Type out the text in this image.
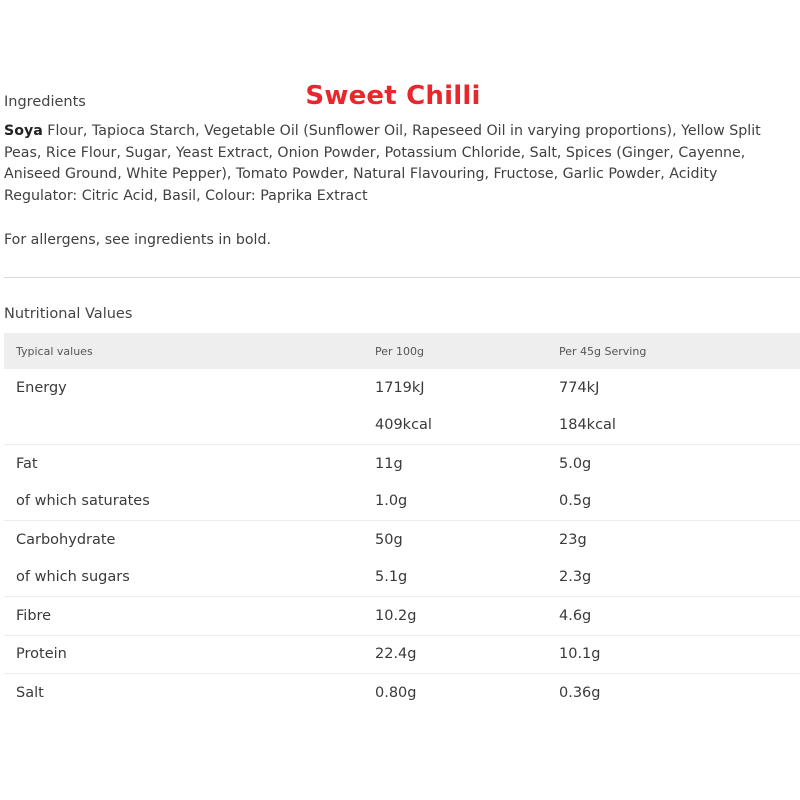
Sweet Chilli
Ingredients
Soya Flour, Tapioca Starch, Vegetable Oil (Sunflower Oil, Rapeseed Oil in varying proportions), Yellow Split Peas, Rice Flour, Sugar, Yeast Extract, Onion Powder, Potassium Chloride, Salt, Spices (Ginger, Cayenne, Aniseed Ground, White Pepper), Tomato Powder, Natural Flavouring, Fructose, Garlic Powder, Acidity Regulator: Citric Acid, Basil, Colour: Paprika Extract
For allergens, see ingredients in bold.
Nutritional Values
Typical values	Per 100g	Per 45g Serving
Energy	1719kJ	774kJ
	409kcal	184kcal
Fat	11g	5.0g
of which saturates	1.0g	0.5g
Carbohydrate	50g	23g
of which sugars	5.1g	2.3g
Fibre	10.2g	4.6g
Protein	22.4g	10.1g
Salt	0.80g	0.36g
